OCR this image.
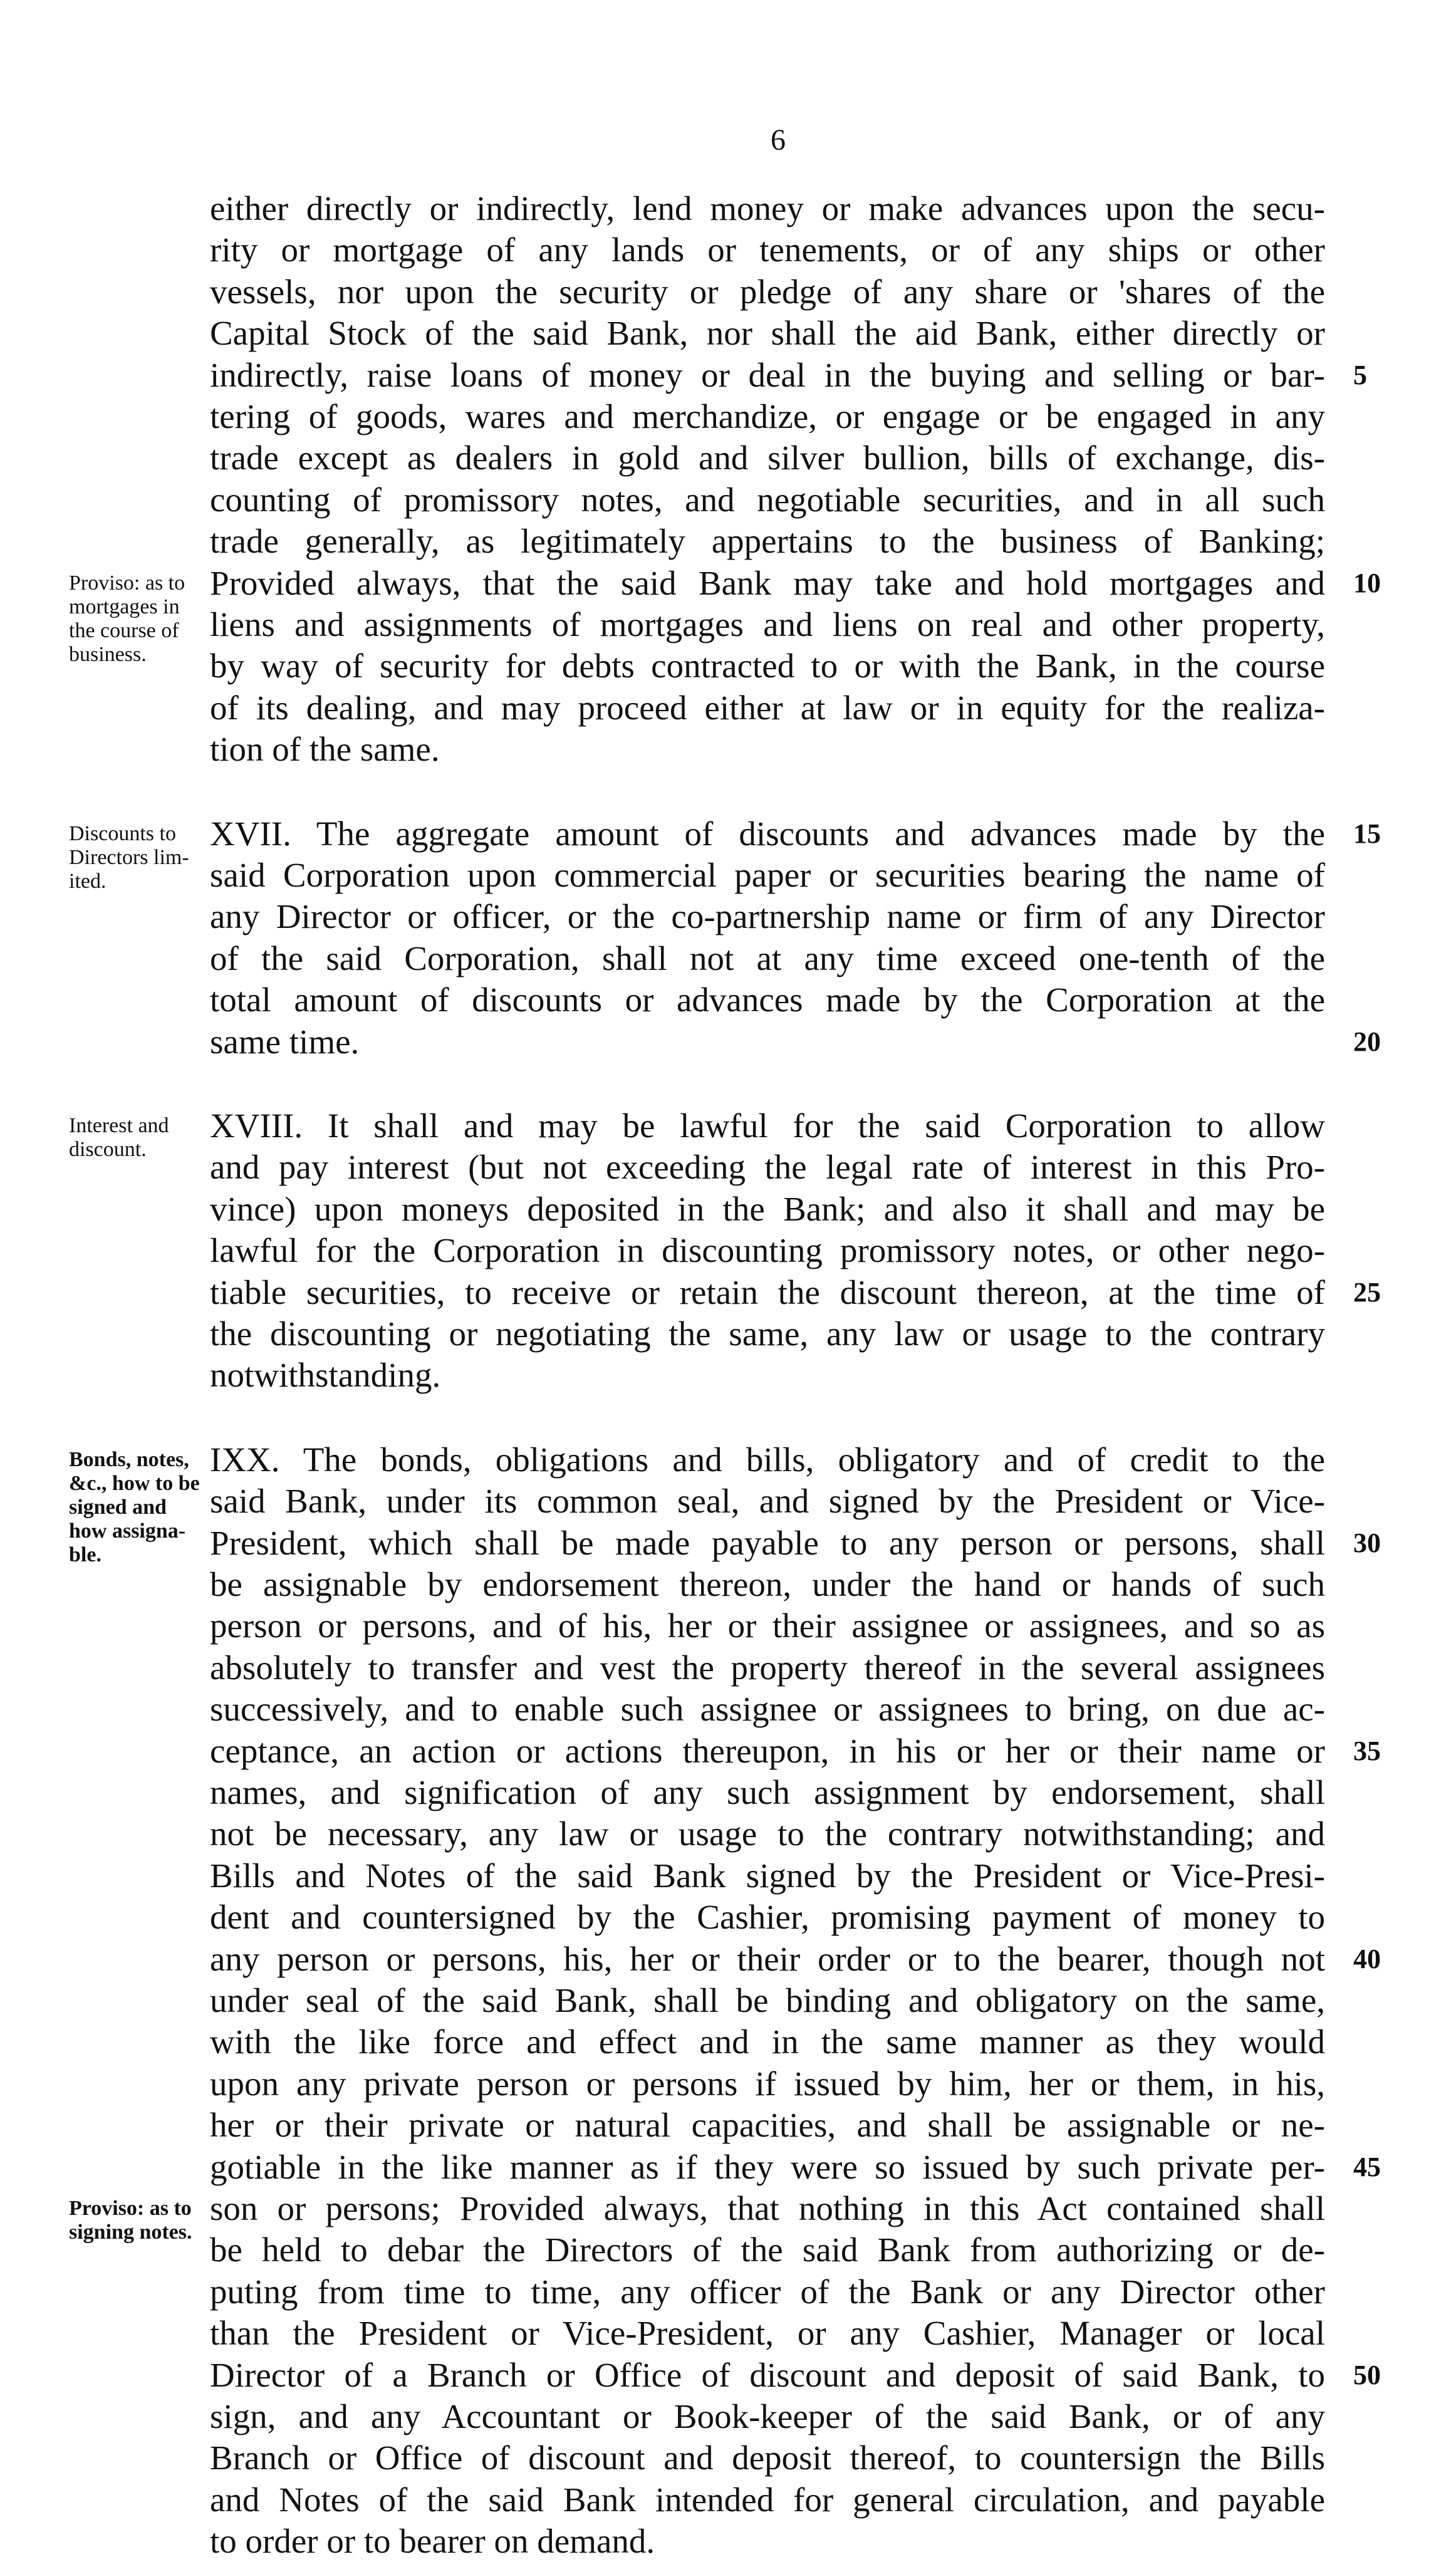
6
either directly or indirectly, lend money or make advances upon the secu-
rity or mortgage of any lands or tenements, or of any ships or other
vessels, nor upon the security or pledge of any share or 'shares of the
Capital Stock of the said Bank, nor shall the aid Bank, either directly or
indirectly, raise loans of money or deal in the buying and selling or bar- 5
tering of goods, wares and merchandize, or engage or be engaged in any
trade except as dealers in gold and silver bullion, bills of exchange, dis-
counting of promissory notes, and negotiable securities, and in all such
trade generally, as legitimately appertains to the business of Banking;
Provided always, that the said Bank may take and hold mortgages and 10
liens and assignments of mortgages and liens on real and other property,
by way of security for debts contracted to or with the Bank, in the course
of its dealing, and may proceed either at law or in equity for the realiza-
tion of the same.
XVII. The aggregate amount of discounts and advances made by the 15
said Corporation upon commercial paper or securities bearing the name of
any Director or officer, or the co-partnership name or firm of any Director
of the said Corporation, shall not at any time exceed one-tenth of the
total amount of discounts or advances made by the Corporation at the
same time.	20
XVIII. It shall and may be lawful for the said Corporation to allow
and pay interest (but not exceeding the legal rate of interest in this Pro-
vince) upon moneys deposited in the Bank; and also it shall and may be
lawful for the Corporation in discounting promissory notes, or other nego-
tiable securities, to receive or retain the discount thereon, at the time of 25
the discounting or negotiating the same, any law or usage to the contrary
notwithstanding.
IXX. The bonds, obligations and bills, obligatory and of credit to the
said Bank, under its common seal, and signed by the President or Vice-
President, which shall be made payable to any person or persons, shall 30
be assignable by endorsement thereon, under the hand or hands of such
person or persons, and of his, her or their assignee or assignees, and so as
absolutely to transfer and vest the property thereof in the several assignees
successively, and to enable such assignee or assignees to bring, on due ac-
ceptance, an action or actions thereupon, in his or her or their name or 35
names, and signification of any such assignment by endorsement, shall
not be necessary, any law or usage to the contrary notwithstanding; and
Bills and Notes of the said Bank signed by the President or Vice-Presi-
dent and countersigned by the Cashier, promising payment of money to
any person or persons, his, her or their order or to the bearer, though not 40
under seal of the said Bank, shall be binding and obligatory on the same,
with the like force and effect and in the same manner as they would
upon any private person or persons if issued by him, her or them, in his,
her or their private or natural capacities, and shall be assignable or ne-
gotiable in the like manner as if they were so issued by such private per- 45
son or persons; Provided always, that nothing in this Act contained shall
be held to debar the Directors of the said Bank from authorizing or de-
puting from time to time, any officer of the Bank or any Director other
than the President or Vice-President, or any Cashier, Manager or local
Director of a Branch or Office of discount and deposit of said Bank, to 50
sign, and any Accountant or Book-keeper of the said Bank, or of any
Branch or Office of discount and deposit thereof, to countersign the Bills
and Notes of the said Bank intended for general circulation, and payable
to order or to bearer on demand.
Proviso: as to
mortgages in
the course of
business.
Discounts to
Directors lim-
ited.
Interest and
discount.
Bonds, notes,
&c., how to be
signed and
how assigna-
ble.
Proviso: as to
signing notes.
